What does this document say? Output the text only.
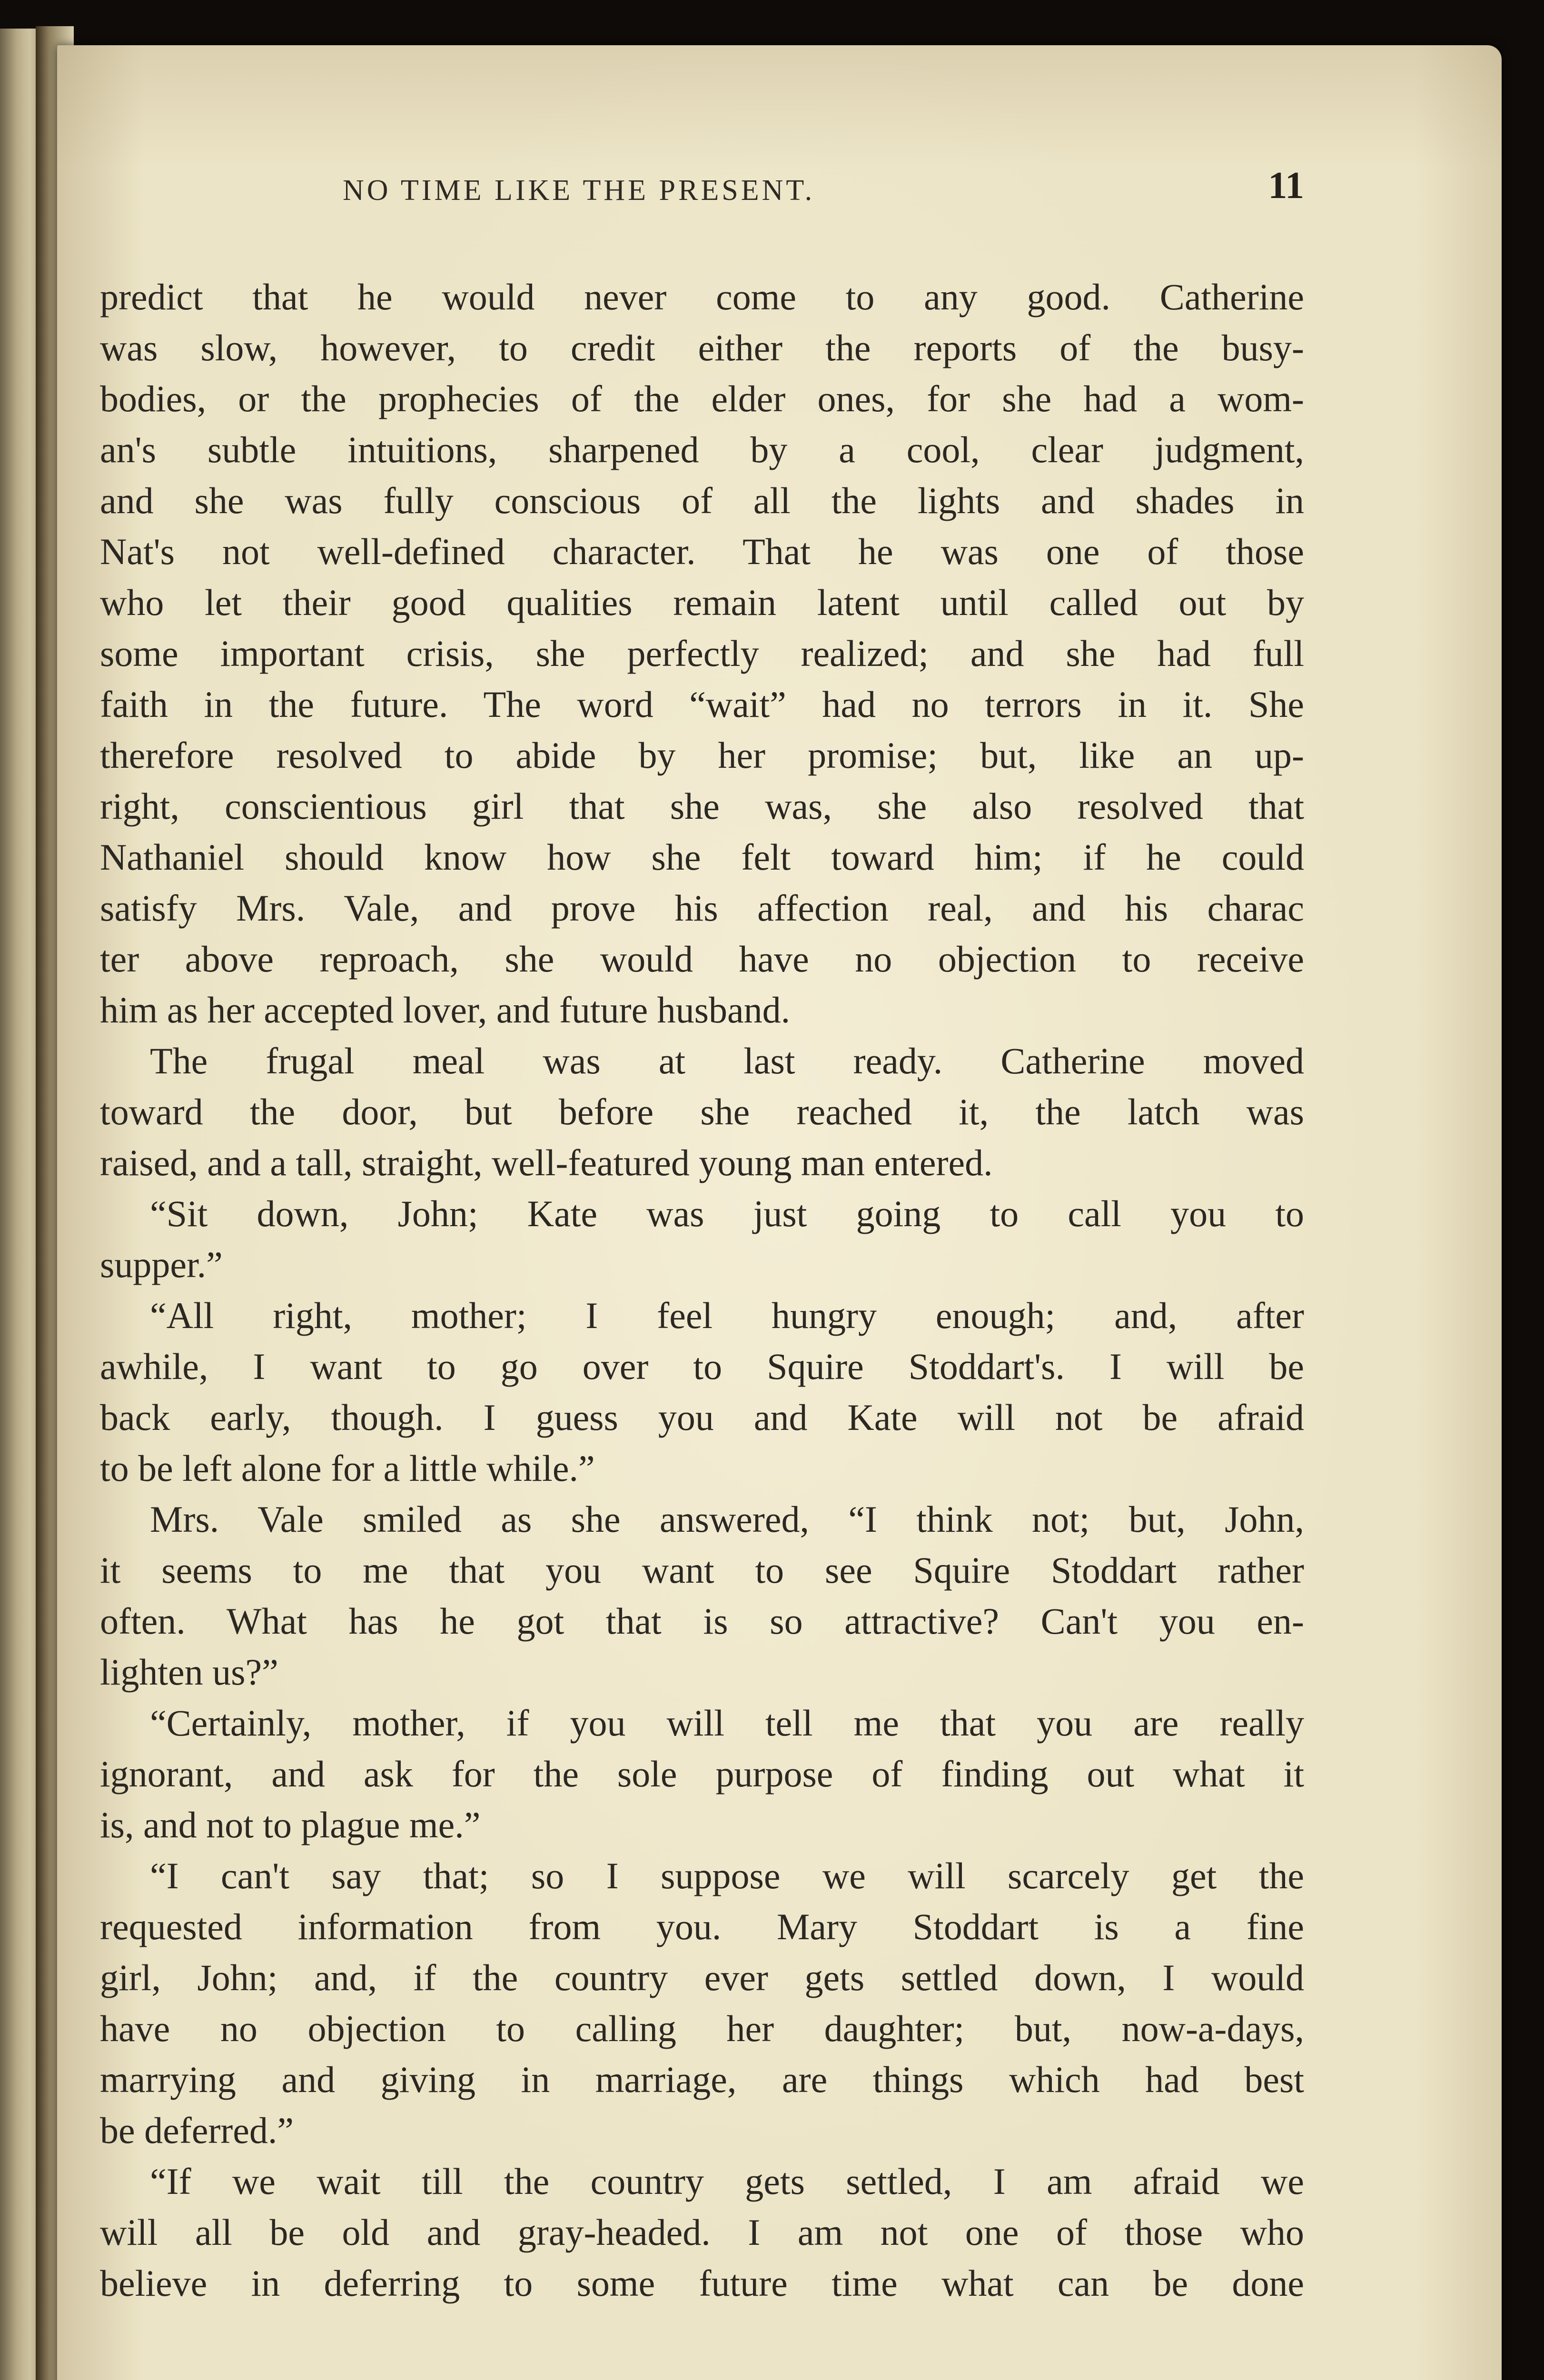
NO TIME LIKE THE PRESENT.	11
predict that he would never come to any good. Catherine
was slow, however, to credit either the reports of the busy-
bodies, or the prophecies of the elder ones, for she had a wom-
an's subtle intuitions, sharpened by a cool, clear judgment,
and she was fully conscious of all the lights and shades in
Nat's not well-defined character. That he was one of those
who let their good qualities remain latent until called out by
some important crisis, she perfectly realized; and she had full
faith in the future. The word “wait” had no terrors in it. She
therefore resolved to abide by her promise; but, like an up-
right, conscientious girl that she was, she also resolved that
Nathaniel should know how she felt toward him; if he could
satisfy Mrs. Vale, and prove his affection real, and his charac
ter above reproach, she would have no objection to receive
him as her accepted lover, and future husband.
The frugal meal was at last ready. Catherine moved
toward the door, but before she reached it, the latch was
raised, and a tall, straight, well-featured young man entered.
“Sit down, John; Kate was just going to call you to
supper.”
“All right, mother; I feel hungry enough; and, after
awhile, I want to go over to Squire Stoddart's. I will be
back early, though. I guess you and Kate will not be afraid
to be left alone for a little while.”
Mrs. Vale smiled as she answered, “I think not; but, John,
it seems to me that you want to see Squire Stoddart rather
often. What has he got that is so attractive? Can't you en-
lighten us?”
“Certainly, mother, if you will tell me that you are really
ignorant, and ask for the sole purpose of finding out what it
is, and not to plague me.”
“I can't say that; so I suppose we will scarcely get the
requested information from you. Mary Stoddart is a fine
girl, John; and, if the country ever gets settled down, I would
have no objection to calling her daughter; but, now-a-days,
marrying and giving in marriage, are things which had best
be deferred.”
“If we wait till the country gets settled, I am afraid we
will all be old and gray-headed. I am not one of those who
believe in deferring to some future time what can be done
